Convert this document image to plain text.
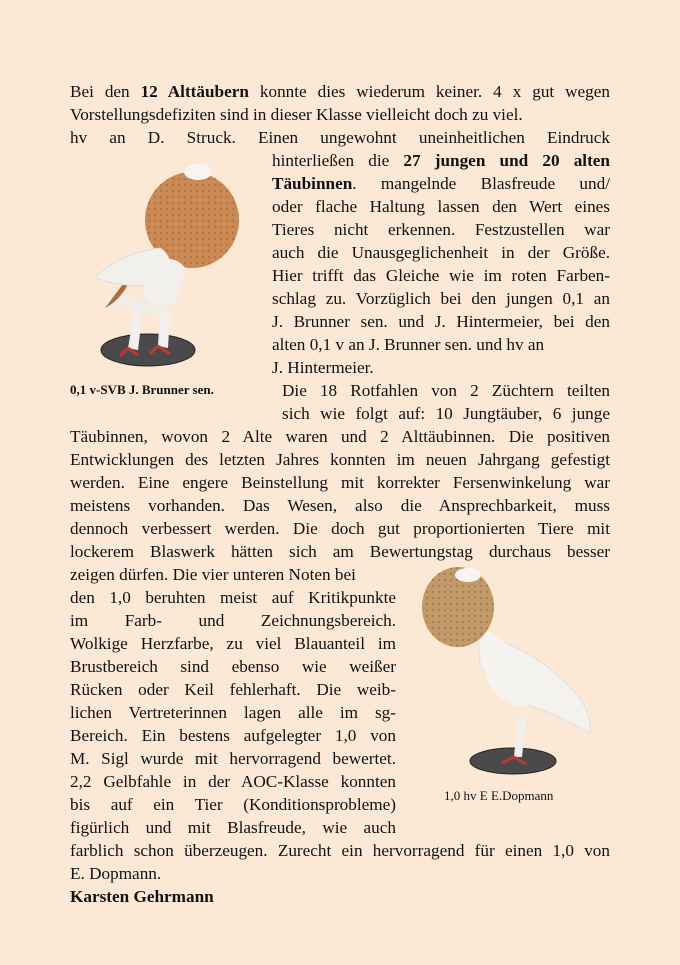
Bei den 12 Alttäubern konnte dies wiederum keiner. 4 x gut wegen
Vorstellungsdefiziten sind in dieser Klasse vielleicht doch zu viel.
hv an D. Struck. Einen ungewohnt uneinheitlichen Eindruck
hinterließen die 27 jungen und 20 alten
Täubinnen. mangelnde Blasfreude und/
oder flache Haltung lassen den Wert eines
Tieres nicht erkennen. Festzustellen war
auch die Unausgeglichenheit in der Größe.
Hier trifft das Gleiche wie im roten Farben-
schlag zu. Vorzüglich bei den jungen 0,1 an
J. Brunner sen. und J. Hintermeier, bei den
alten 0,1 v an J. Brunner sen. und hv an
J. Hintermeier.
Die 18 Rotfahlen von 2 Züchtern teilten
sich wie folgt auf: 10 Jungtäuber, 6 junge
Täubinnen, wovon 2 Alte waren und 2 Alttäubinnen. Die positiven
Entwicklungen des letzten Jahres konnten im neuen Jahrgang gefestigt
werden. Eine engere Beinstellung mit korrekter Fersenwinkelung war
meistens vorhanden. Das Wesen, also die Ansprechbarkeit, muss
dennoch verbessert werden. Die doch gut proportionierten Tiere mit
lockerem Blaswerk hätten sich am Bewertungstag durchaus besser
zeigen dürfen. Die vier unteren Noten bei
den 1,0 beruhten meist auf Kritikpunkte
im Farb- und Zeichnungsbereich.
Wolkige Herzfarbe, zu viel Blauanteil im
Brustbereich sind ebenso wie weißer
Rücken oder Keil fehlerhaft. Die weib-
lichen Vertreterinnen lagen alle im sg-
Bereich. Ein bestens aufgelegter 1,0 von
M. Sigl wurde mit hervorragend bewertet.
2,2 Gelbfahle in der AOC-Klasse konnten
bis auf ein Tier (Konditionsprobleme)
figürlich und mit Blasfreude, wie auch
farblich schon überzeugen. Zurecht ein hervorragend für einen 1,0 von
E. Dopmann.
Karsten Gehrmann
0,1 v-SVB J. Brunner sen.
1,0 hv E E.Dopmann
